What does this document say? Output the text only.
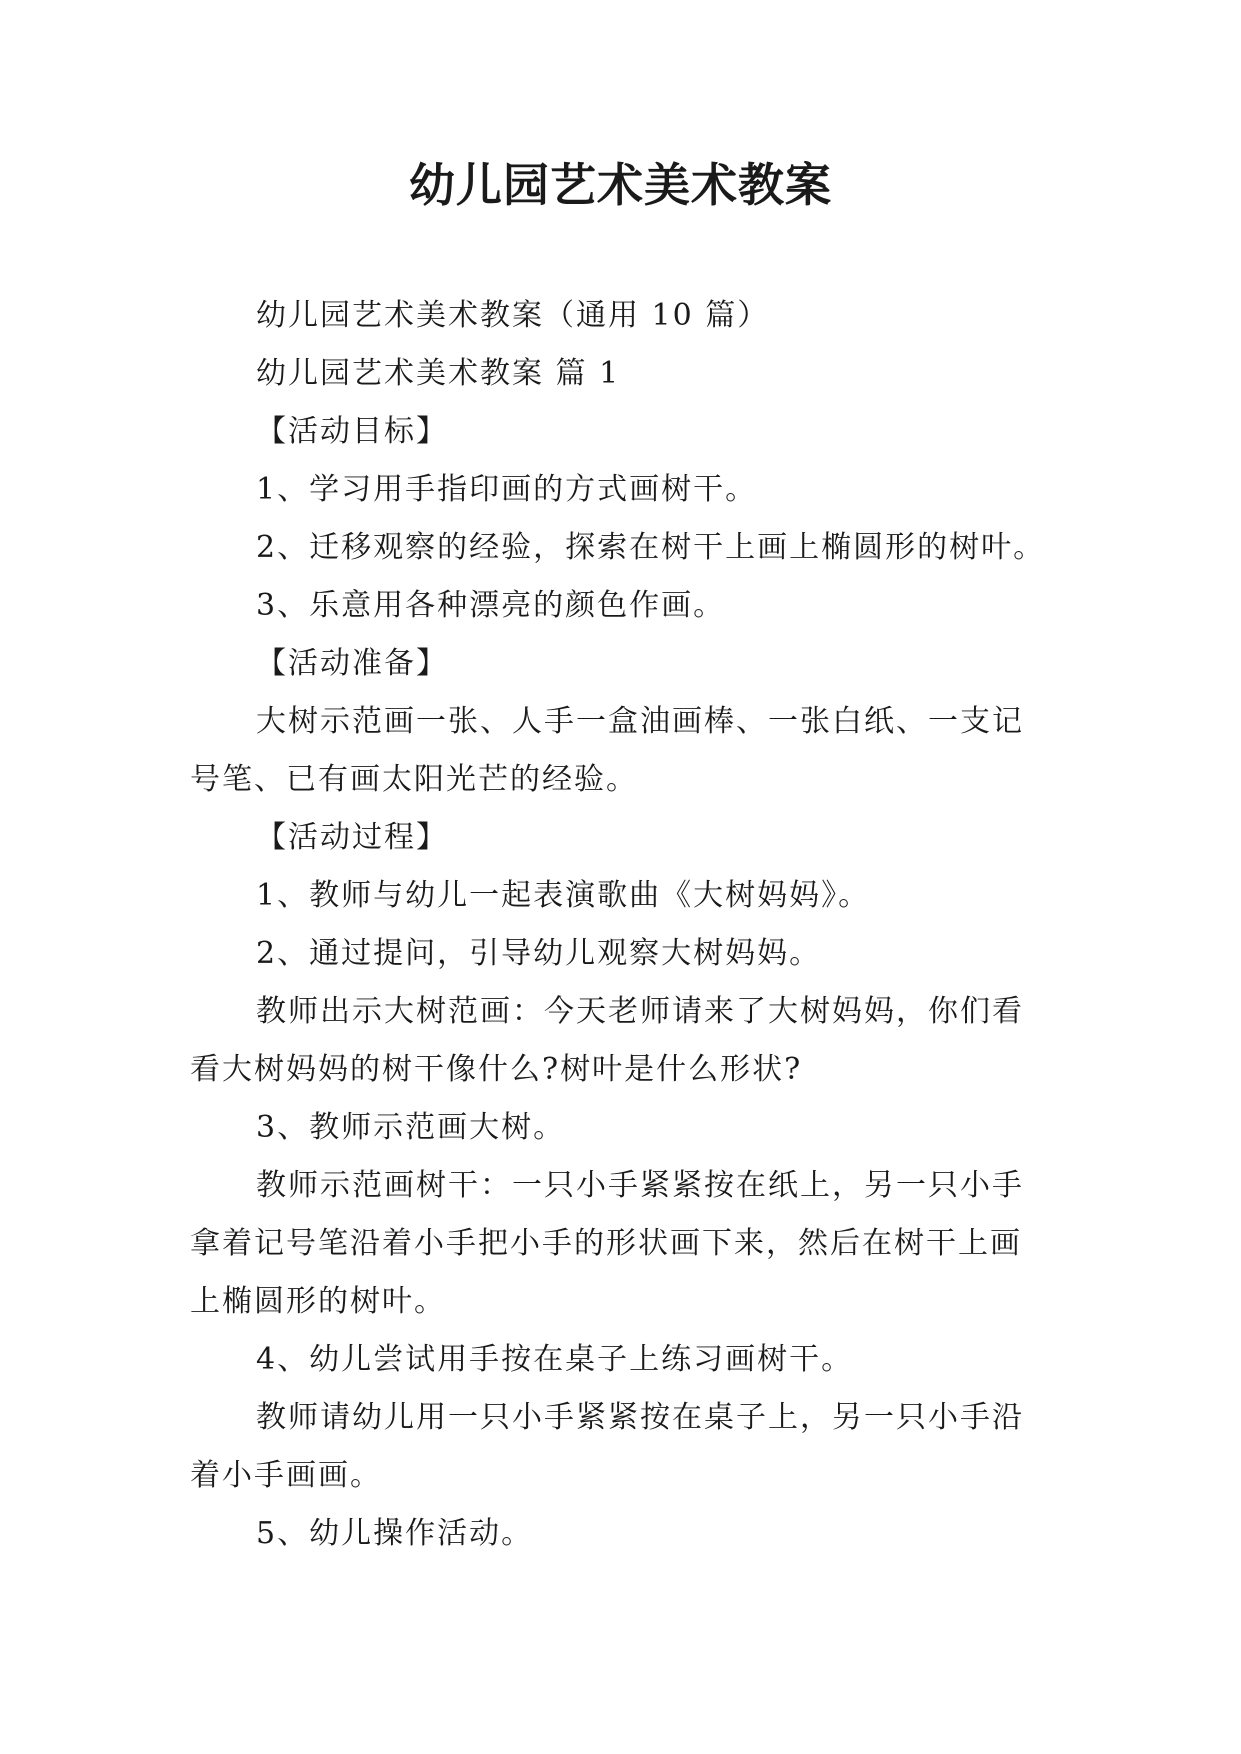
幼儿园艺术美术教案

幼儿园艺术美术教案（通用 10 篇）

幼儿园艺术美术教案 篇 1

【活动目标】

1、学习用手指印画的方式画树干。

2、迁移观察的经验，探索在树干上画上椭圆形的树叶。

3、乐意用各种漂亮的颜色作画。

【活动准备】

大树示范画一张、人手一盒油画棒、一张白纸、一支记号笔、已有画太阳光芒的经验。

【活动过程】

1、教师与幼儿一起表演歌曲《大树妈妈》。

2、通过提问，引导幼儿观察大树妈妈。

教师出示大树范画：今天老师请来了大树妈妈，你们看看大树妈妈的树干像什么?树叶是什么形状?

3、教师示范画大树。

教师示范画树干：一只小手紧紧按在纸上，另一只小手拿着记号笔沿着小手把小手的形状画下来，然后在树干上画上椭圆形的树叶。

4、幼儿尝试用手按在桌子上练习画树干。

教师请幼儿用一只小手紧紧按在桌子上，另一只小手沿着小手画画。

5、幼儿操作活动。
